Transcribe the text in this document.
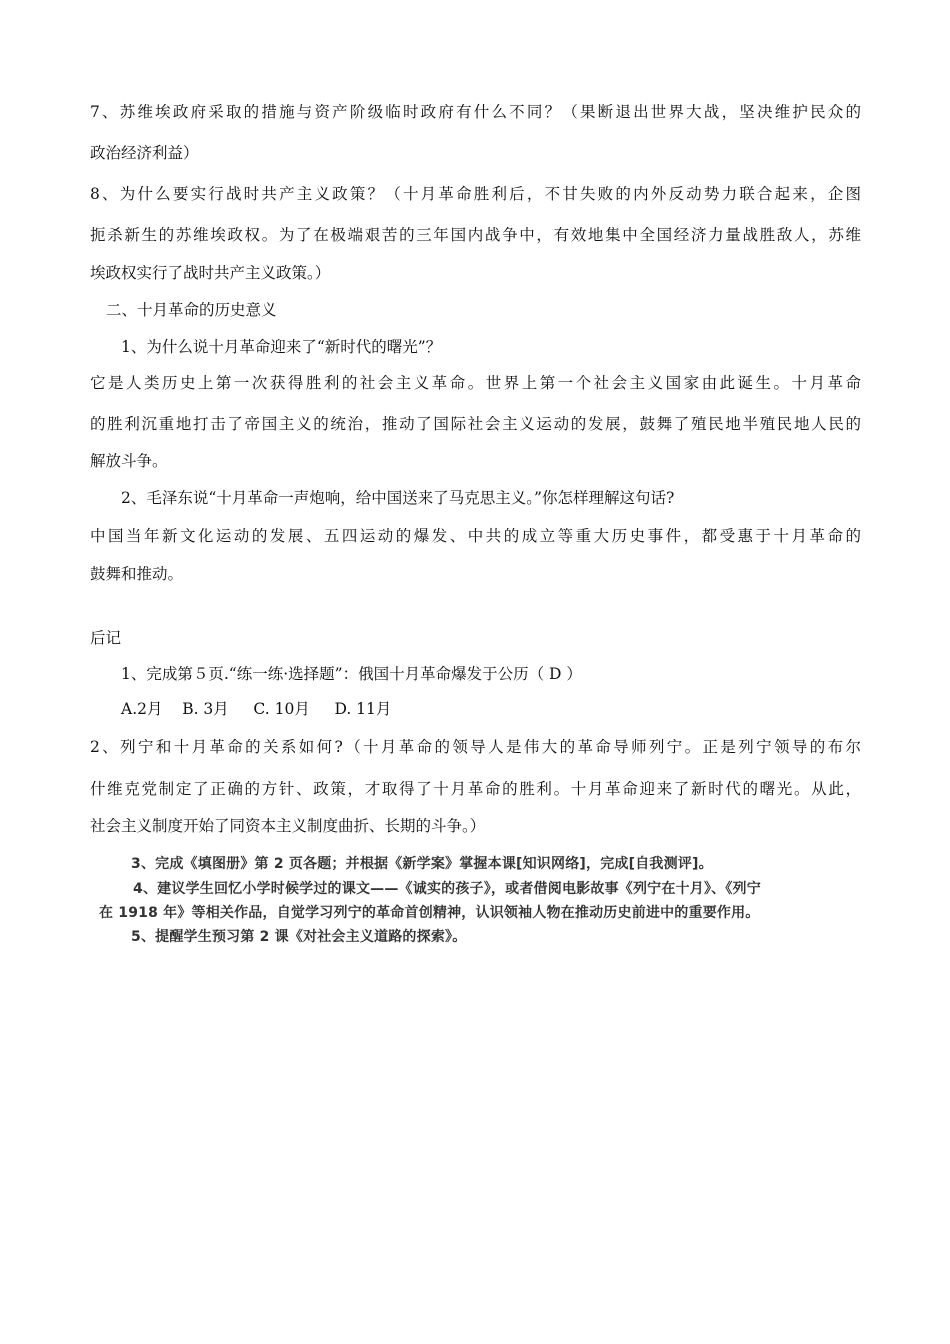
7、苏维埃政府采取的措施与资产阶级临时政府有什么不同？（果断退出世界大战，坚决维护民众的
政治经济利益）
8、为什么要实行战时共产主义政策？（十月革命胜利后，不甘失败的内外反动势力联合起来，企图
扼杀新生的苏维埃政权。为了在极端艰苦的三年国内战争中，有效地集中全国经济力量战胜敌人，苏维
埃政权实行了战时共产主义政策。）
二、十月革命的历史意义
1、为什么说十月革命迎来了“新时代的曙光”？
它是人类历史上第一次获得胜利的社会主义革命。世界上第一个社会主义国家由此诞生。十月革命
的胜利沉重地打击了帝国主义的统治，推动了国际社会主义运动的发展，鼓舞了殖民地半殖民地人民的
解放斗争。
2、毛泽东说“十月革命一声炮响，给中国送来了马克思主义。”你怎样理解这句话?
中国当年新文化运动的发展、五四运动的爆发、中共的成立等重大历史事件，都受惠于十月革命的
鼓舞和推动。
后记
1、完成第５页.“练一练·选择题”：俄国十月革命爆发于公历（ D ）
A.2月    B. 3月     C. 10月     D. 11月
2、列宁和十月革命的关系如何?（十月革命的领导人是伟大的革命导师列宁。正是列宁领导的布尔
什维克党制定了正确的方针、政策，才取得了十月革命的胜利。十月革命迎来了新时代的曙光。从此，
社会主义制度开始了同资本主义制度曲折、长期的斗争。）
3、完成《填图册》第 2 页各题；并根据《新学案》掌握本课[知识网络]，完成[自我测评]。
4、建议学生回忆小学时候学过的课文——《诚实的孩子》，或者借阅电影故事《列宁在十月》、《列宁
在 1918 年》等相关作品，自觉学习列宁的革命首创精神，认识领袖人物在推动历史前进中的重要作用。
5、提醒学生预习第 2 课《对社会主义道路的探索》。
